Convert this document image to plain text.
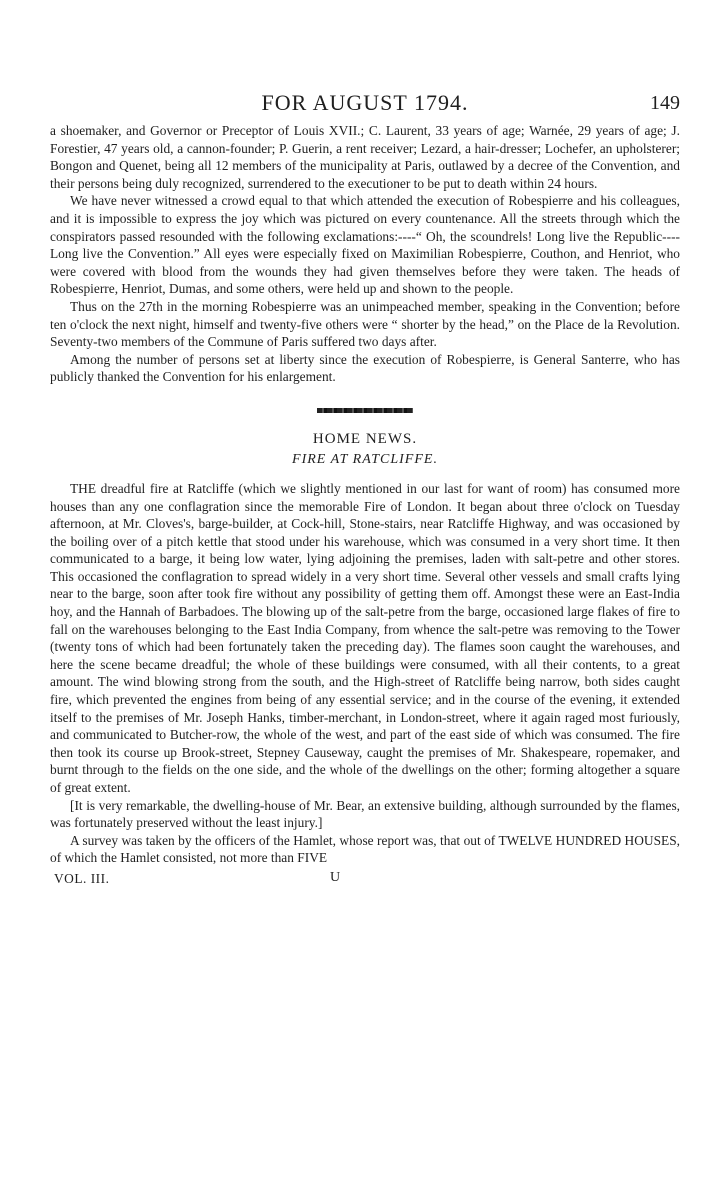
FOR AUGUST 1794.	149

a shoemaker, and Governor or Preceptor of Louis XVII.; C. Laurent, 33 years of age; Warnée, 29 years of age; J. Forestier, 47 years old, a cannon-founder; P. Guerin, a rent receiver; Lezard, a hair-dresser; Lochefer, an upholsterer; Bongon and Quenet, being all 12 members of the municipality at Paris, outlawed by a decree of the Convention, and their persons being duly recognized, surrendered to the executioner to be put to death within 24 hours.

We have never witnessed a crowd equal to that which attended the execution of Robespierre and his colleagues, and it is impossible to express the joy which was pictured on every countenance. All the streets through which the conspirators passed resounded with the following exclamations:----“ Oh, the scoundrels! Long live the Republic----Long live the Convention.” All eyes were especially fixed on Maximilian Robespierre, Couthon, and Henriot, who were covered with blood from the wounds they had given themselves before they were taken. The heads of Robespierre, Henriot, Dumas, and some others, were held up and shown to the people.

Thus on the 27th in the morning Robespierre was an unimpeached member, speaking in the Convention; before ten o'clock the next night, himself and twenty-five others were “ shorter by the head,” on the Place de la Revolution. Seventy-two members of the Commune of Paris suffered two days after.

Among the number of persons set at liberty since the execution of Robespierre, is General Santerre, who has publicly thanked the Convention for his enlargement.

HOME NEWS.
FIRE AT RATCLIFFE.

THE dreadful fire at Ratcliffe (which we slightly mentioned in our last for want of room) has consumed more houses than any one conflagration since the memorable Fire of London. It began about three o'clock on Tuesday afternoon, at Mr. Cloves's, barge-builder, at Cock-hill, Stone-stairs, near Ratcliffe Highway, and was occasioned by the boiling over of a pitch kettle that stood under his warehouse, which was consumed in a very short time. It then communicated to a barge, it being low water, lying adjoining the premises, laden with salt-petre and other stores. This occasioned the conflagration to spread widely in a very short time. Several other vessels and small crafts lying near to the barge, soon after took fire without any possibility of getting them off. Amongst these were an East-India hoy, and the Hannah of Barbadoes. The blowing up of the salt-petre from the barge, occasioned large flakes of fire to fall on the warehouses belonging to the East India Company, from whence the salt-petre was removing to the Tower (twenty tons of which had been fortunately taken the preceding day). The flames soon caught the warehouses, and here the scene became dreadful; the whole of these buildings were consumed, with all their contents, to a great amount. The wind blowing strong from the south, and the High-street of Ratcliffe being narrow, both sides caught fire, which prevented the engines from being of any essential service; and in the course of the evening, it extended itself to the premises of Mr. Joseph Hanks, timber-merchant, in London-street, where it again raged most furiously, and communicated to Butcher-row, the whole of the west, and part of the east side of which was consumed. The fire then took its course up Brook-street, Stepney Causeway, caught the premises of Mr. Shakespeare, ropemaker, and burnt through to the fields on the one side, and the whole of the dwellings on the other; forming altogether a square of great extent.

[It is very remarkable, the dwelling-house of Mr. Bear, an extensive building, although surrounded by the flames, was fortunately preserved without the least injury.]

A survey was taken by the officers of the Hamlet, whose report was, that out of TWELVE HUNDRED HOUSES, of which the Hamlet consisted, not more than FIVE

VOL. III.	U
